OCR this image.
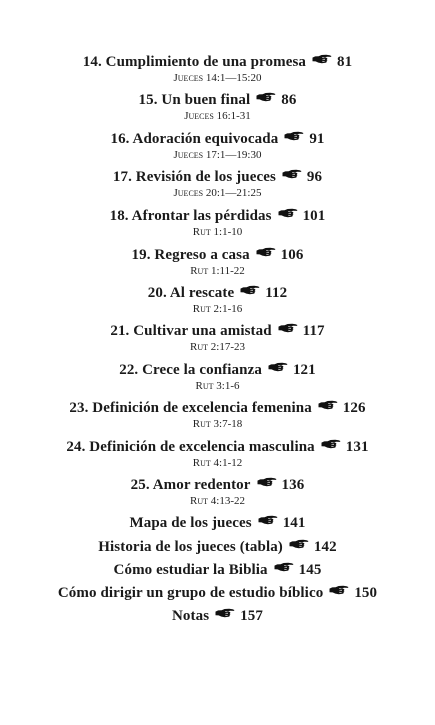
14. Cumplimiento de una promesa 81
Jueces 14:1—15:20
15. Un buen final 86
Jueces 16:1-31
16. Adoración equivocada 91
Jueces 17:1—19:30
17. Revisión de los jueces 96
Jueces 20:1—21:25
18. Afrontar las pérdidas 101
Rut 1:1-10
19. Regreso a casa 106
Rut 1:11-22
20. Al rescate 112
Rut 2:1-16
21. Cultivar una amistad 117
Rut 2:17-23
22. Crece la confianza 121
Rut 3:1-6
23. Definición de excelencia femenina 126
Rut 3:7-18
24. Definición de excelencia masculina 131
Rut 4:1-12
25. Amor redentor 136
Rut 4:13-22
Mapa de los jueces 141
Historia de los jueces (tabla) 142
Cómo estudiar la Biblia 145
Cómo dirigir un grupo de estudio bíblico 150
Notas 157
